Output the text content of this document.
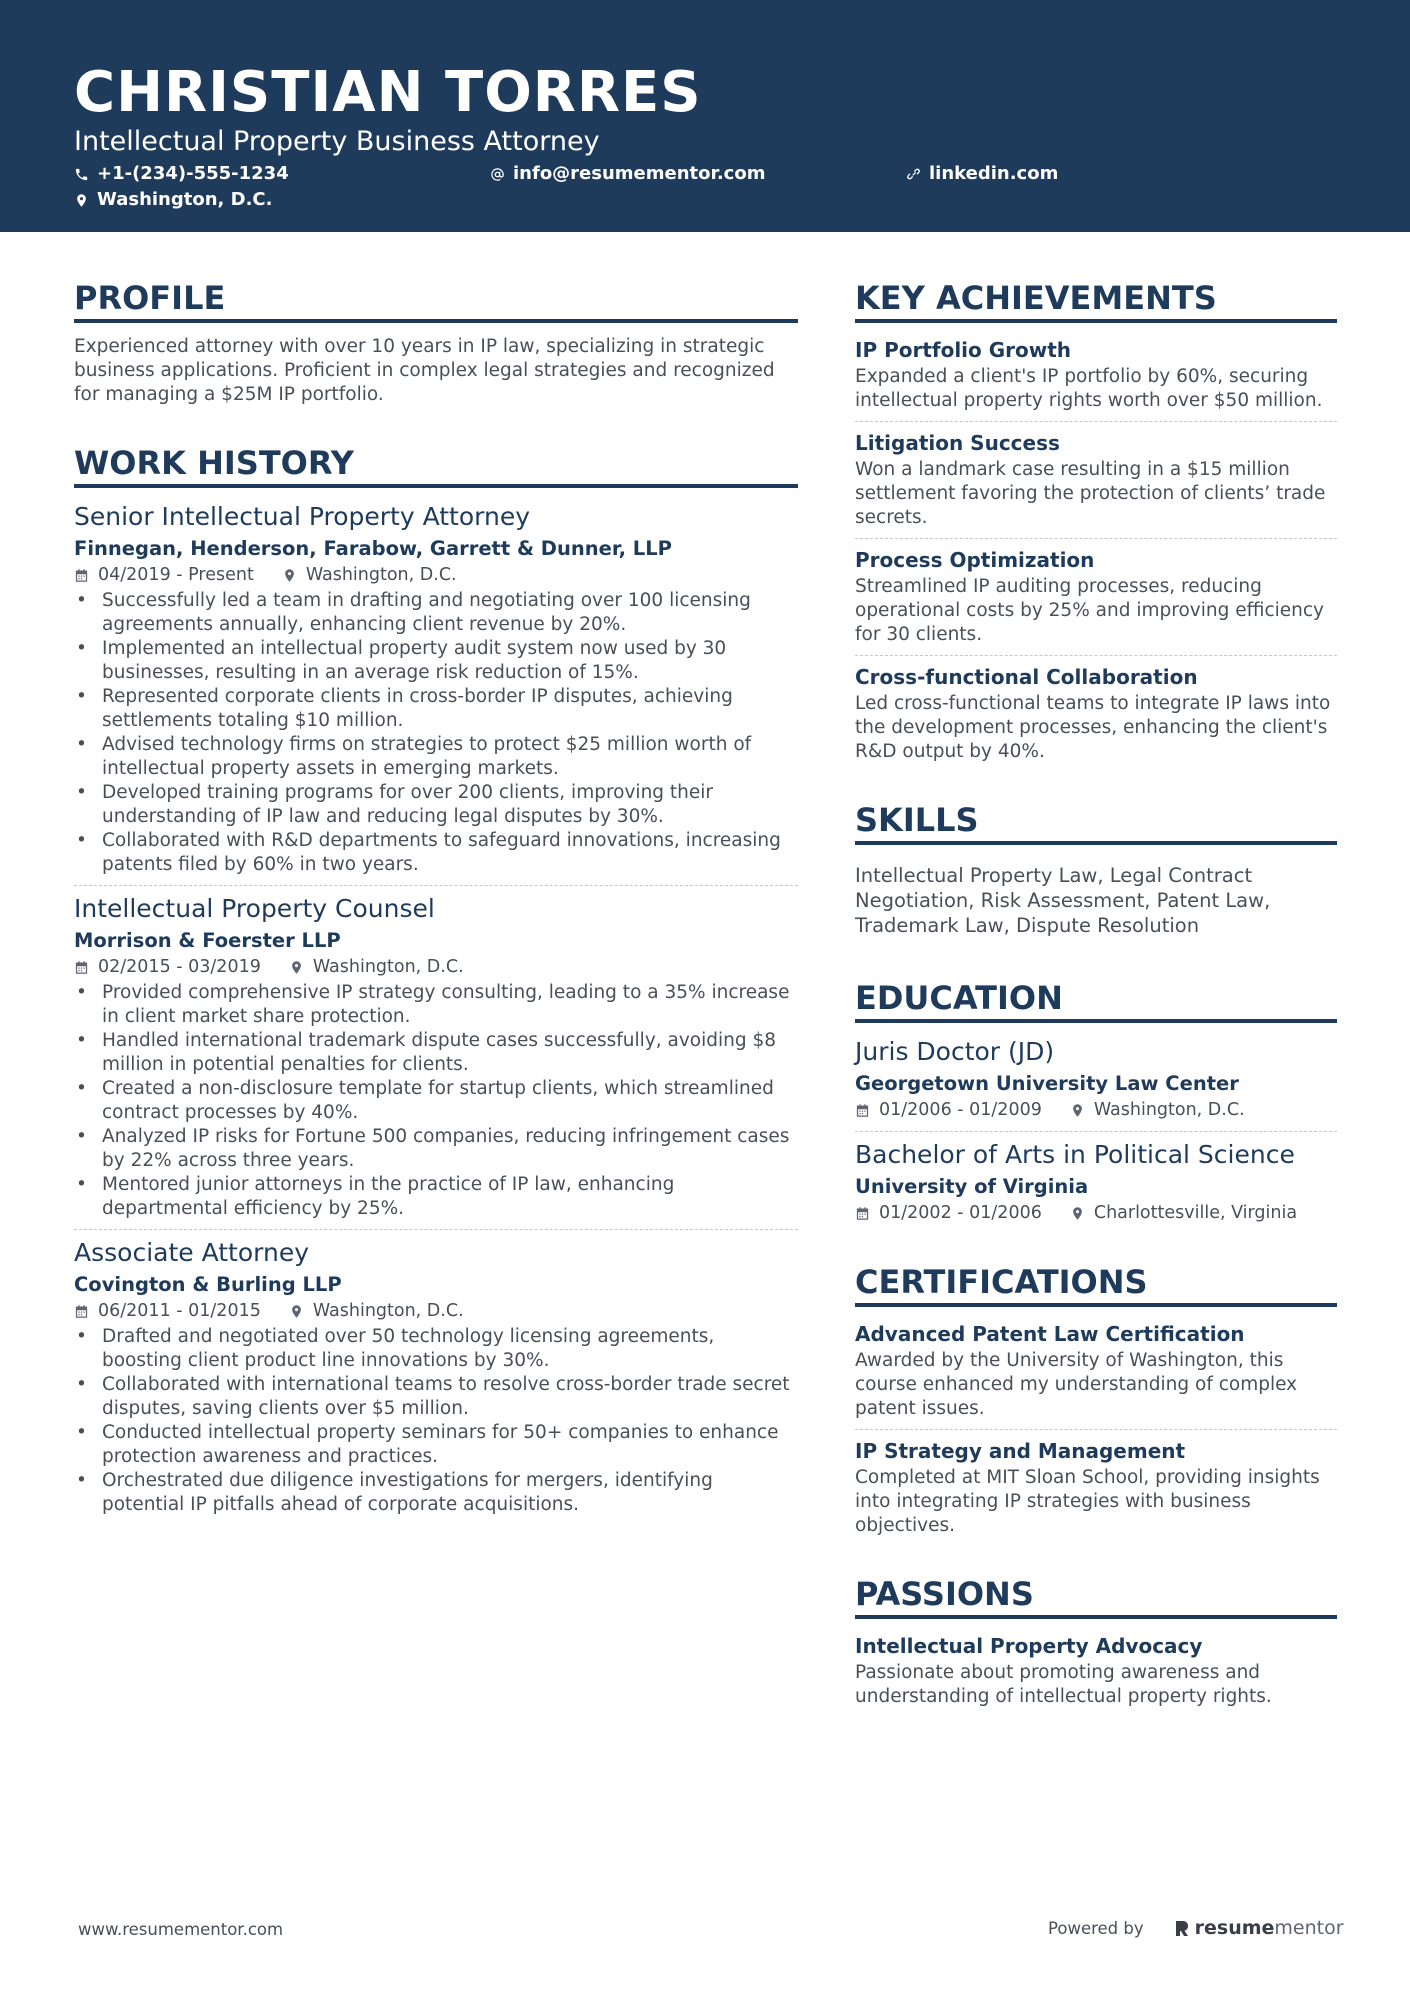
CHRISTIAN TORRES
Intellectual Property Business Attorney
+1-(234)-555-1234	info@resumementor.com	linkedin.com
Washington, D.C.
PROFILE
Experienced attorney with over 10 years in IP law, specializing in strategic business applications. Proficient in complex legal strategies and recognized for managing a $25M IP portfolio.
WORK HISTORY
Senior Intellectual Property Attorney
Finnegan, Henderson, Farabow, Garrett & Dunner, LLP
04/2019 - Present	Washington, D.C.
• Successfully led a team in drafting and negotiating over 100 licensing agreements annually, enhancing client revenue by 20%.
• Implemented an intellectual property audit system now used by 30 businesses, resulting in an average risk reduction of 15%.
• Represented corporate clients in cross-border IP disputes, achieving settlements totaling $10 million.
• Advised technology firms on strategies to protect $25 million worth of intellectual property assets in emerging markets.
• Developed training programs for over 200 clients, improving their understanding of IP law and reducing legal disputes by 30%.
• Collaborated with R&D departments to safeguard innovations, increasing patents filed by 60% in two years.
Intellectual Property Counsel
Morrison & Foerster LLP
02/2015 - 03/2019	Washington, D.C.
• Provided comprehensive IP strategy consulting, leading to a 35% increase in client market share protection.
• Handled international trademark dispute cases successfully, avoiding $8 million in potential penalties for clients.
• Created a non-disclosure template for startup clients, which streamlined contract processes by 40%.
• Analyzed IP risks for Fortune 500 companies, reducing infringement cases by 22% across three years.
• Mentored junior attorneys in the practice of IP law, enhancing departmental efficiency by 25%.
Associate Attorney
Covington & Burling LLP
06/2011 - 01/2015	Washington, D.C.
• Drafted and negotiated over 50 technology licensing agreements, boosting client product line innovations by 30%.
• Collaborated with international teams to resolve cross-border trade secret disputes, saving clients over $5 million.
• Conducted intellectual property seminars for 50+ companies to enhance protection awareness and practices.
• Orchestrated due diligence investigations for mergers, identifying potential IP pitfalls ahead of corporate acquisitions.
KEY ACHIEVEMENTS
IP Portfolio Growth
Expanded a client's IP portfolio by 60%, securing intellectual property rights worth over $50 million.
Litigation Success
Won a landmark case resulting in a $15 million settlement favoring the protection of clients’ trade secrets.
Process Optimization
Streamlined IP auditing processes, reducing operational costs by 25% and improving efficiency for 30 clients.
Cross-functional Collaboration
Led cross-functional teams to integrate IP laws into the development processes, enhancing the client's R&D output by 40%.
SKILLS
Intellectual Property Law, Legal Contract Negotiation, Risk Assessment, Patent Law, Trademark Law, Dispute Resolution
EDUCATION
Juris Doctor (JD)
Georgetown University Law Center
01/2006 - 01/2009	Washington, D.C.
Bachelor of Arts in Political Science
University of Virginia
01/2002 - 01/2006	Charlottesville, Virginia
CERTIFICATIONS
Advanced Patent Law Certification
Awarded by the University of Washington, this course enhanced my understanding of complex patent issues.
IP Strategy and Management
Completed at MIT Sloan School, providing insights into integrating IP strategies with business objectives.
PASSIONS
Intellectual Property Advocacy
Passionate about promoting awareness and understanding of intellectual property rights.
www.resumementor.com	Powered by	resume mentor
